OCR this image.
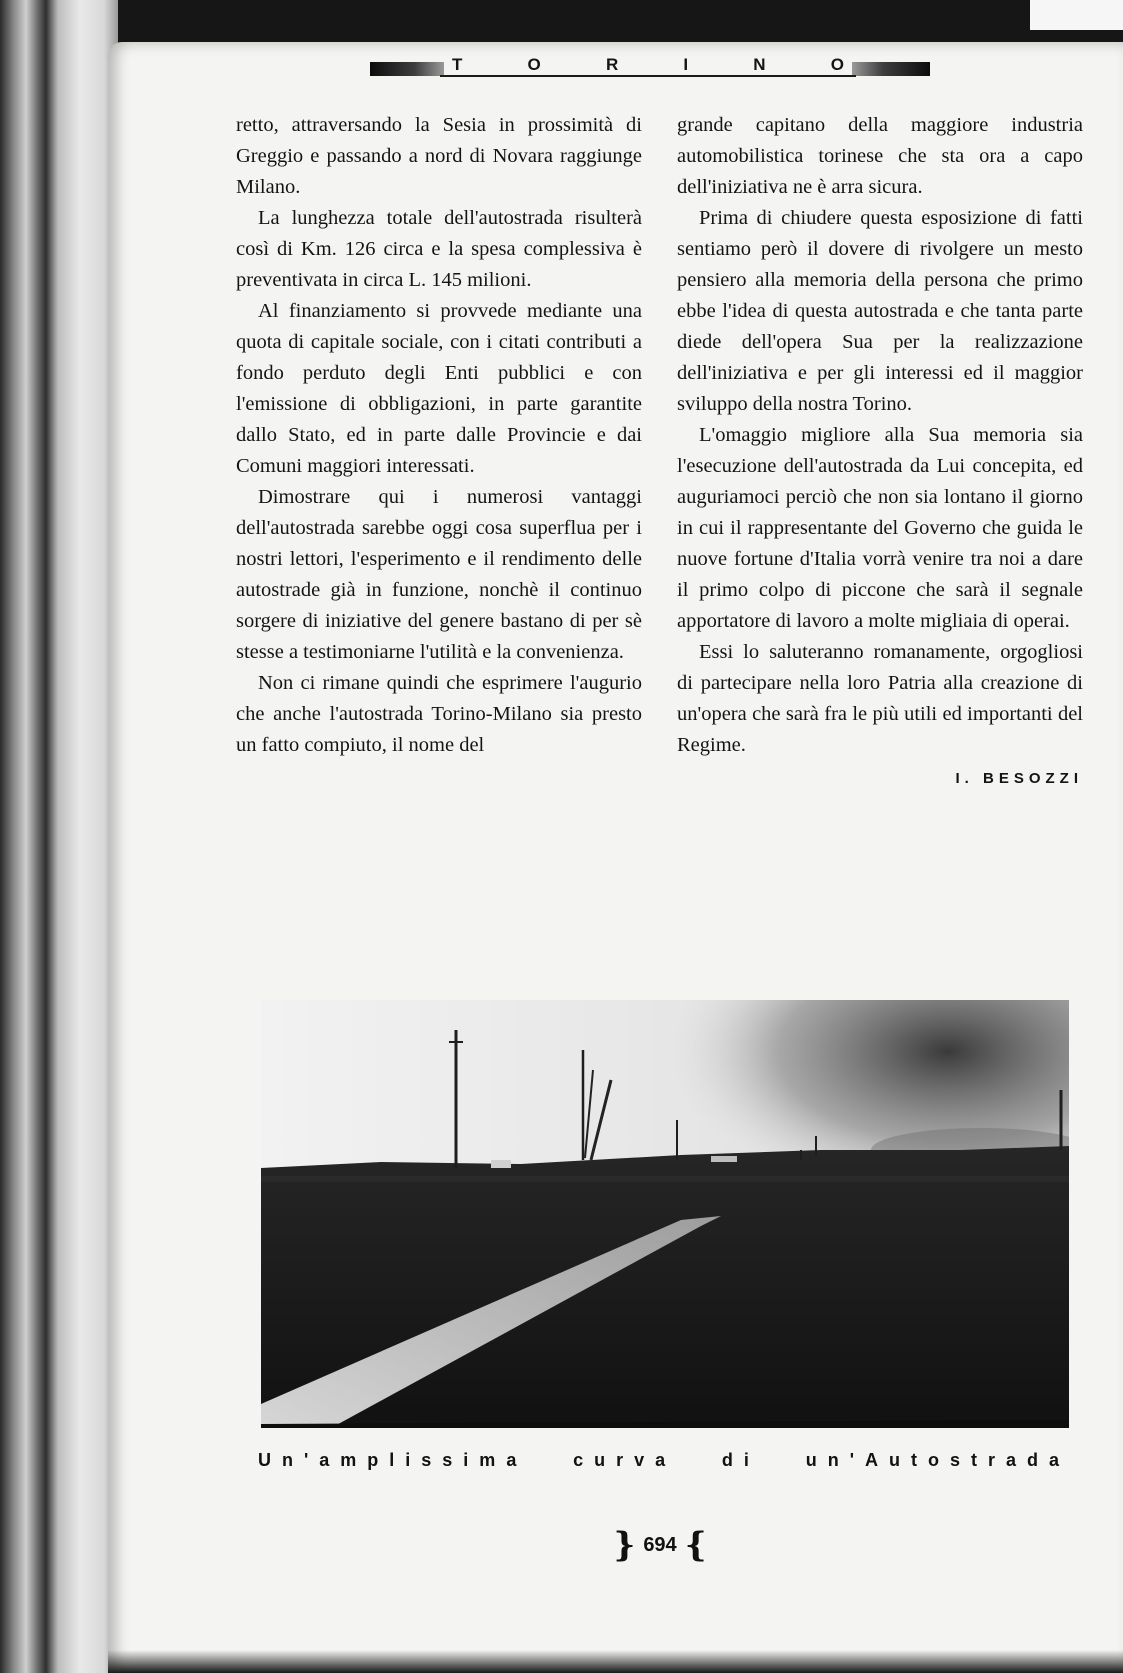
T	O	R	I	N	O

retto, attraversando la Sesia in prossimità di Greggio e passando a nord di Novara raggiunge Milano.

La lunghezza totale dell'autostrada risulterà così di Km. 126 circa e la spesa complessiva è preventivata in circa L. 145 milioni.

Al finanziamento si provvede mediante una quota di capitale sociale, con i citati contributi a fondo perduto degli Enti pubblici e con l'emissione di obbligazioni, in parte garantite dallo Stato, ed in parte dalle Provincie e dai Comuni maggiori interessati.

Dimostrare qui i numerosi vantaggi dell'autostrada sarebbe oggi cosa superflua per i nostri lettori, l'esperimento e il rendimento delle autostrade già in funzione, nonchè il continuo sorgere di iniziative del genere bastano di per sè stesse a testimoniarne l'utilità e la convenienza.

Non ci rimane quindi che esprimere l'augurio che anche l'autostrada Torino-Milano sia presto un fatto compiuto, il nome del

grande capitano della maggiore industria automobilistica torinese che sta ora a capo dell'iniziativa ne è arra sicura.

Prima di chiudere questa esposizione di fatti sentiamo però il dovere di rivolgere un mesto pensiero alla memoria della persona che primo ebbe l'idea di questa autostrada e che tanta parte diede dell'opera Sua per la realizzazione dell'iniziativa e per gli interessi ed il maggior sviluppo della nostra Torino.

L'omaggio migliore alla Sua memoria sia l'esecuzione dell'autostrada da Lui concepita, ed auguriamoci perciò che non sia lontano il giorno in cui il rappresentante del Governo che guida le nuove fortune d'Italia vorrà venire tra noi a dare il primo colpo di piccone che sarà il segnale apportatore di lavoro a molte migliaia di operai.

Essi lo saluteranno romanamente, orgogliosi di partecipare nella loro Patria alla creazione di un'opera che sarà fra le più utili ed importanti del Regime.

I. BESOZZI
Un'amplissima curva di un'Autostrada
} 694 {
